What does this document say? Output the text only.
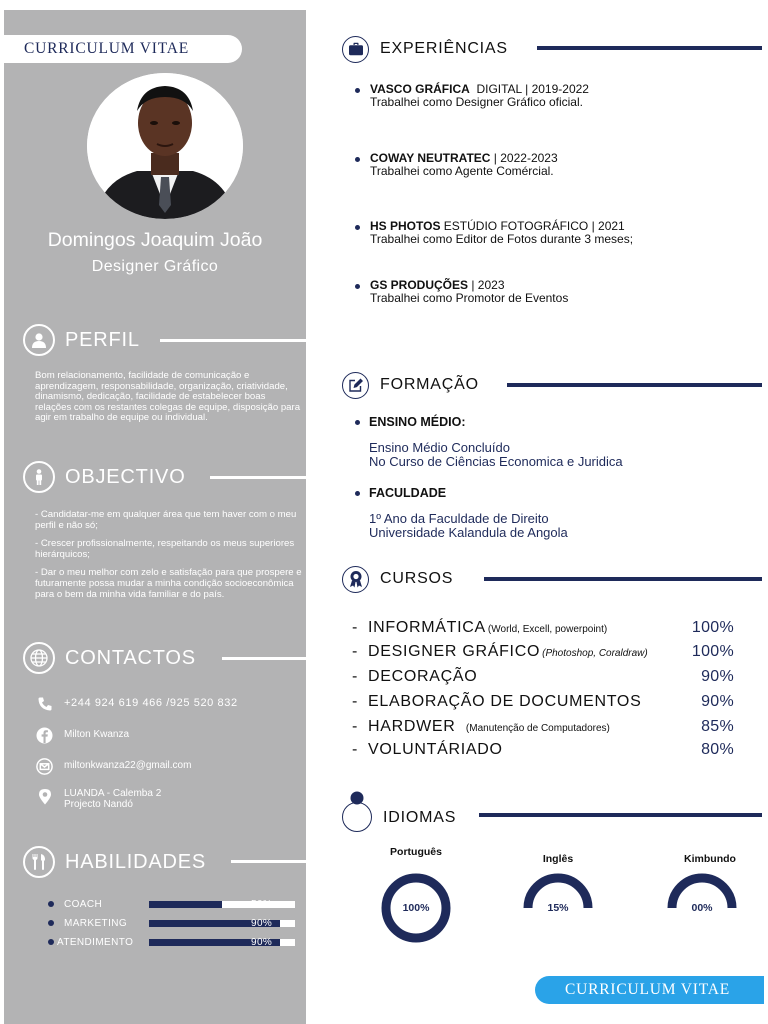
CURRICULUM VITAE
Domingos Joaquim João
Designer Gráfico
PERFIL

Bom relacionamento, facilidade de comunicação e aprendizagem, responsabilidade, organização, criatividade, dinamismo, dedicação, facilidade de estabelecer boas relações com os restantes colegas de equipe, disposição para agir em trabalho de equipe ou individual.

OBJECTIVO

- Candidatar-me em qualquer área que tem haver com o meu perfil e não só;

- Crescer profissionalmente, respeitando os meus superiores hierárquicos;

- Dar o meu melhor com zelo e satisfação para que prospere e futuramente possa mudar a minha condição socioeconômica para o bem da minha vida familiar e do país.

CONTACTOS
+244 924 619 466 /925 520 832
Milton Kwanza
miltonkwanza22@gmail.com
LUANDA - Calemba 2
Projecto Nandó
HABILIDADES
COACH	50%
MARKETING	90%
ATENDIMENTO	90%
EXPERIÊNCIAS
VASCO GRÁFICA  DIGITAL | 2019-2022
Trabalhei como Designer Gráfico oficial.
COWAY NEUTRATEC | 2022-2023
Trabalhei como Agente Comércial.
HS PHOTOS ESTÚDIO FOTOGRÁFICO | 2021
Trabalhei como Editor de Fotos durante 3 meses;
GS PRODUÇÕES | 2023
Trabalhei como Promotor de Eventos
FORMAÇÃO
ENSINO MÉDIO:
Ensino Médio Concluído
No Curso de Ciências Economica e Juridica
FACULDADE
1º Ano da Faculdade de Direito
Universidade Kalandula de Angola
CURSOS
- INFORMÁTICA (World, Excell, powerpoint)	100%
- DESIGNER GRÁFICO (Photoshop, Coraldraw)	100%
- DECORAÇÃO	90%
- ELABORAÇÃO DE DOCUMENTOS	90%
- HARDWER   (Manutenção de Computadores)	85%
- VOLUNTÁRIADO	80%
IDIOMAS
Português
Inglês	Kimbundo
100%	15%	00%
CURRICULUM VITAE
